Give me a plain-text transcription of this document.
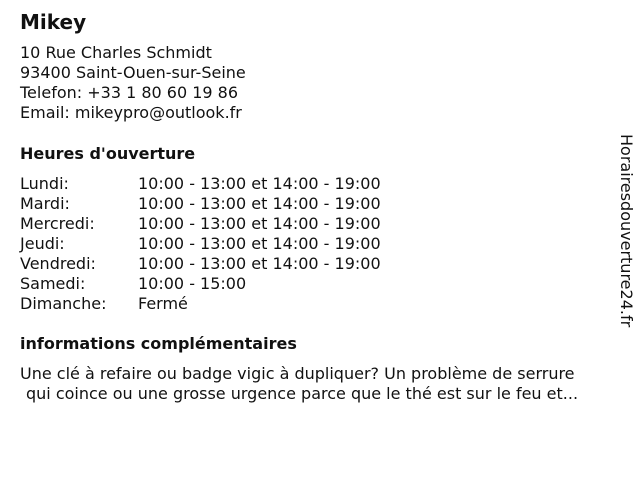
Mikey
10 Rue Charles Schmidt
93400 Saint-Ouen-sur-Seine
Telefon: +33 1 80 60 19 86
Email: mikeypro@outlook.fr
Heures d'ouverture
Lundi:	10:00 - 13:00 et 14:00 - 19:00
Mardi:	10:00 - 13:00 et 14:00 - 19:00
Mercredi:	10:00 - 13:00 et 14:00 - 19:00
Jeudi:	10:00 - 13:00 et 14:00 - 19:00
Vendredi:	10:00 - 13:00 et 14:00 - 19:00
Samedi:	10:00 - 15:00
Dimanche:	Fermé
informations complémentaires
Une clé à refaire ou badge vigic à dupliquer? Un problème de serrure
qui coince ou une grosse urgence parce que le thé est sur le feu et...
Horairesdouverture24.fr
